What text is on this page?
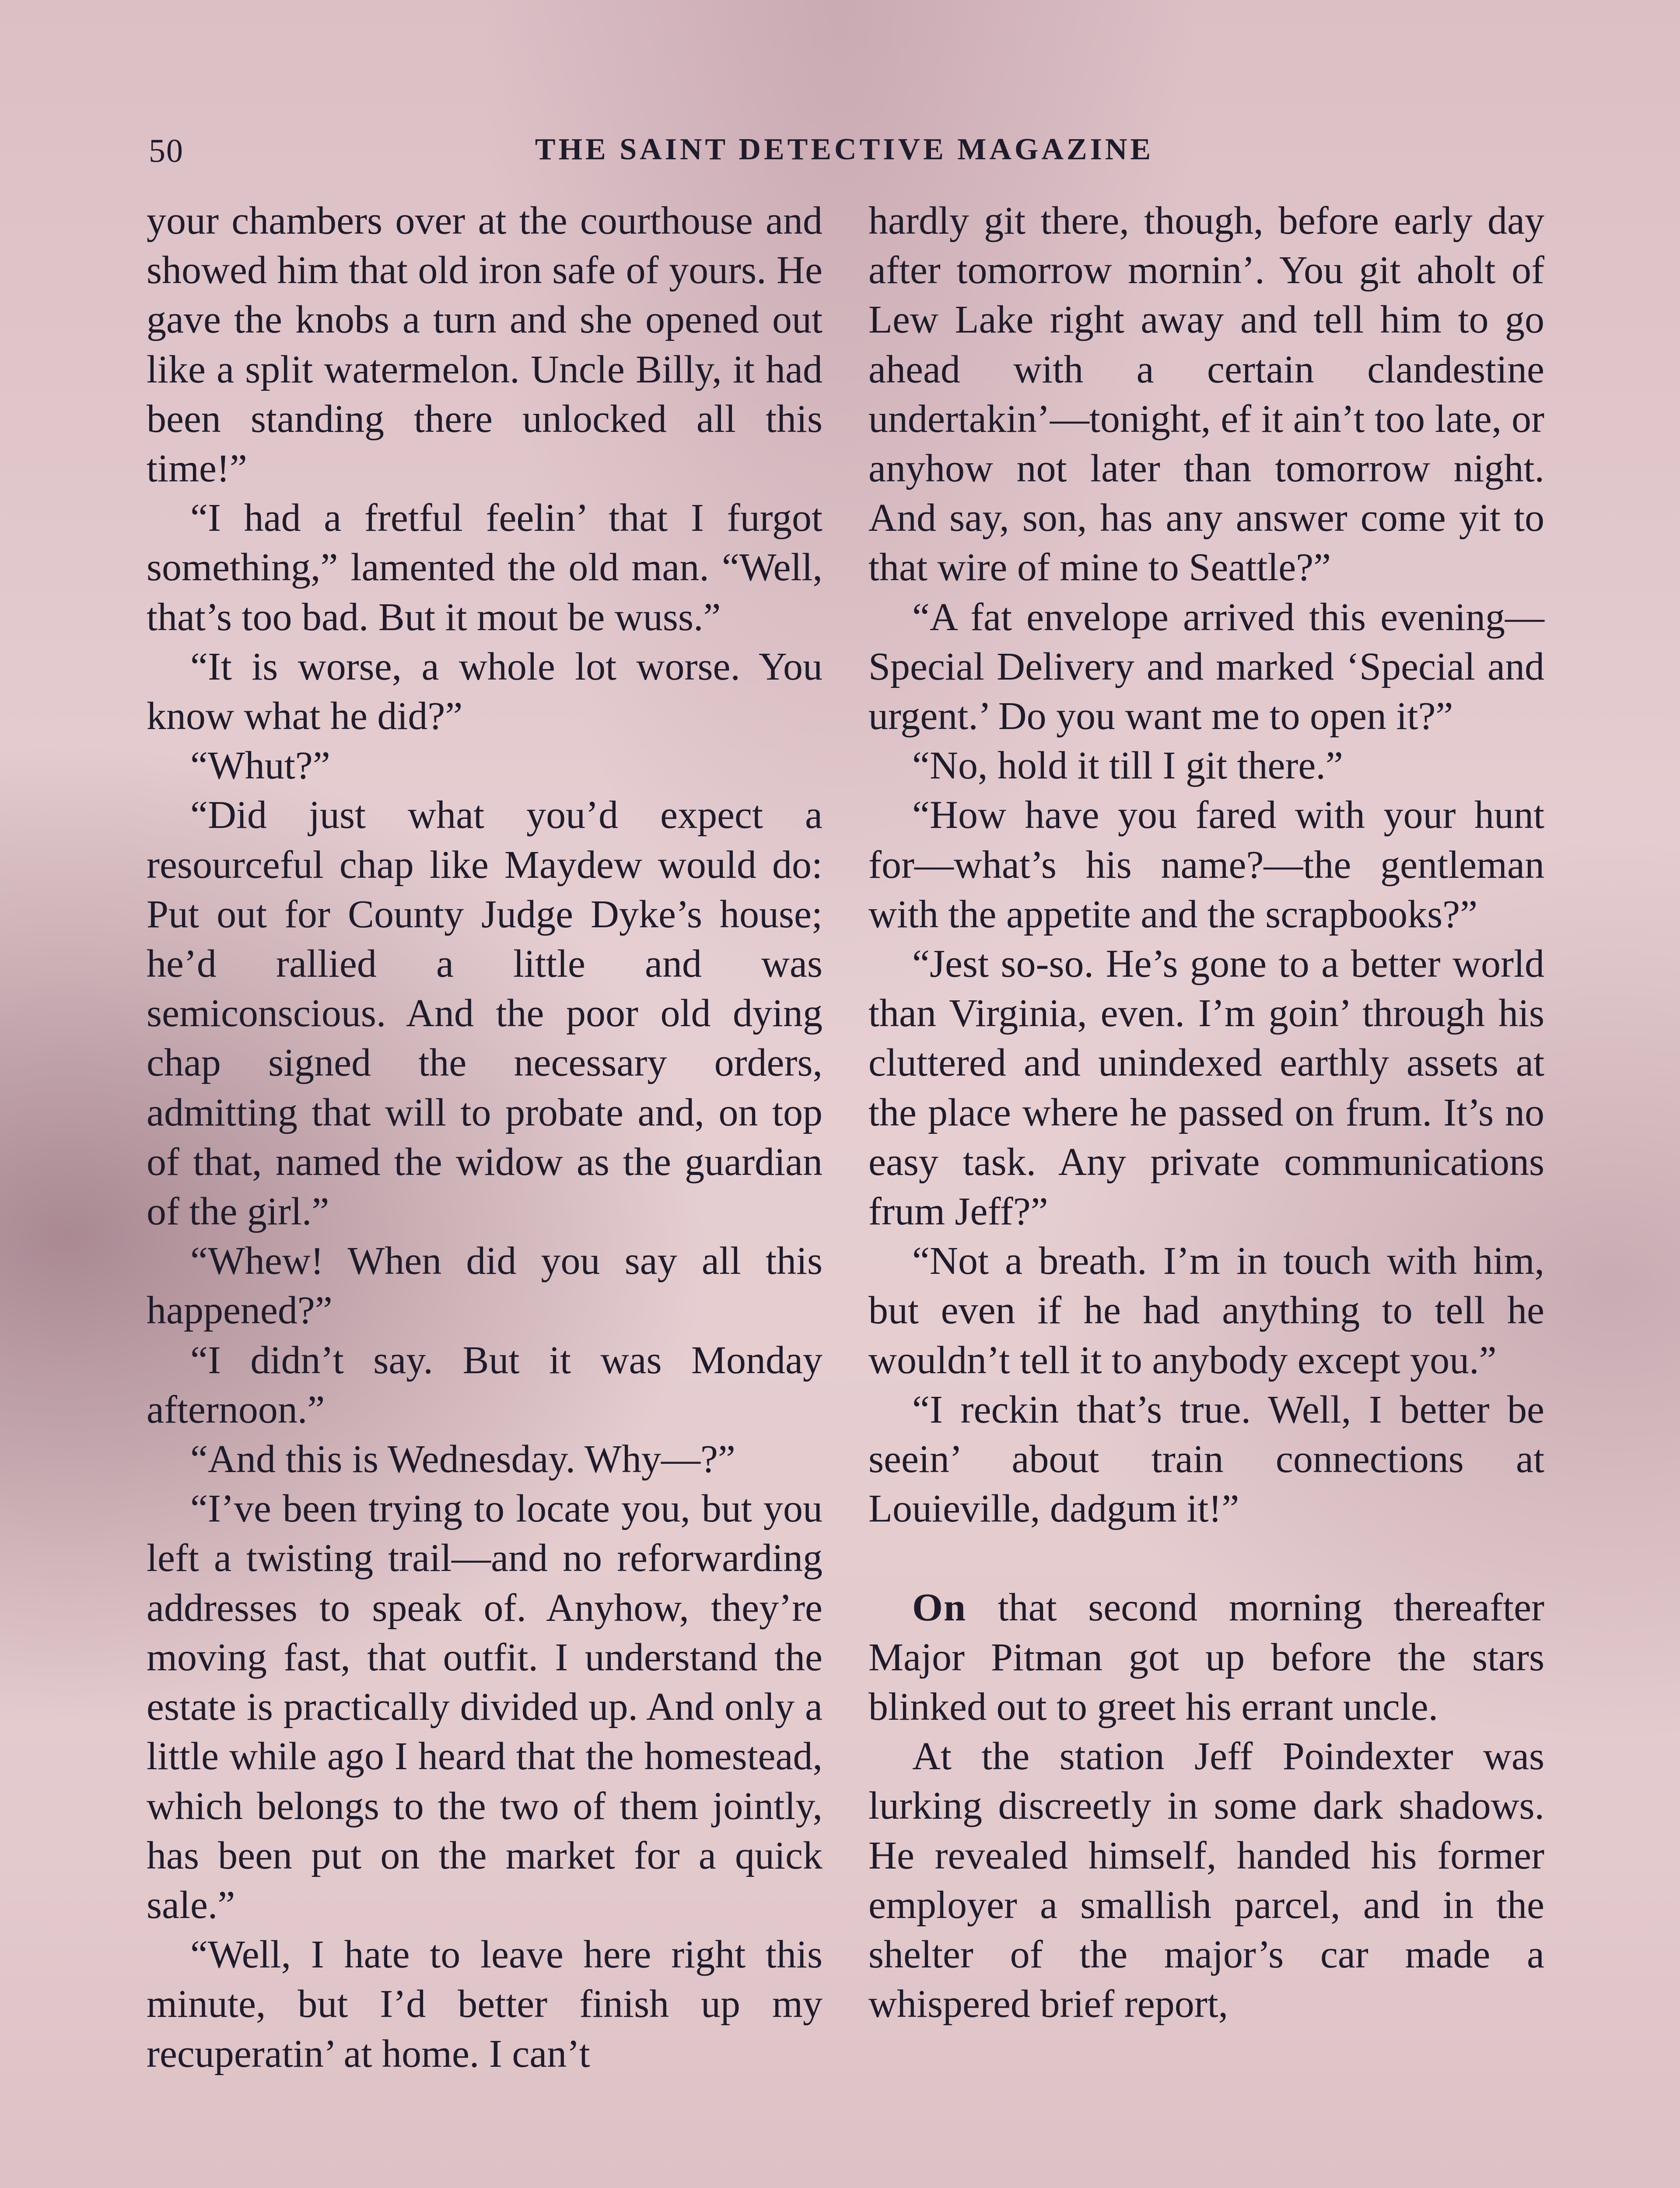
50	THE SAINT DETECTIVE MAGAZINE

your chambers over at the courthouse and showed him that old iron safe of yours. He gave the knobs a turn and she opened out like a split watermelon. Uncle Billy, it had been standing there unlocked all this time!”

“I had a fretful feelin’ that I furgot something,” lamented the old man. “Well, that’s too bad. But it mout be wuss.”

“It is worse, a whole lot worse. You know what he did?”

“Whut?”

“Did just what you’d expect a resourceful chap like Maydew would do: Put out for County Judge Dyke’s house; he’d rallied a little and was semiconscious. And the poor old dying chap signed the necessary orders, admitting that will to probate and, on top of that, named the widow as the guardian of the girl.”

“Whew! When did you say all this happened?”

“I didn’t say. But it was Monday afternoon.”

“And this is Wednesday. Why—?”

“I’ve been trying to locate you, but you left a twisting trail—and no reforwarding addresses to speak of. Anyhow, they’re moving fast, that outfit. I understand the estate is practically divided up. And only a little while ago I heard that the homestead, which belongs to the two of them jointly, has been put on the market for a quick sale.”

“Well, I hate to leave here right this minute, but I’d better finish up my recuperatin’ at home. I can’t

hardly git there, though, before early day after tomorrow mornin’. You git aholt of Lew Lake right away and tell him to go ahead with a certain clandestine undertakin’—tonight, ef it ain’t too late, or anyhow not later than tomorrow night. And say, son, has any answer come yit to that wire of mine to Seattle?”

“A fat envelope arrived this evening—Special Delivery and marked ‘Special and urgent.’ Do you want me to open it?”

“No, hold it till I git there.”

“How have you fared with your hunt for—what’s his name?—the gentleman with the appetite and the scrapbooks?”

“Jest so-so. He’s gone to a better world than Virginia, even. I’m goin’ through his cluttered and unindexed earthly assets at the place where he passed on frum. It’s no easy task. Any private communications frum Jeff?”

“Not a breath. I’m in touch with him, but even if he had anything to tell he wouldn’t tell it to anybody except you.”

“I reckin that’s true. Well, I better be seein’ about train connections at Louieville, dadgum it!”

On that second morning thereafter Major Pitman got up before the stars blinked out to greet his errant uncle.

At the station Jeff Poindexter was lurking discreetly in some dark shadows. He revealed himself, handed his former employer a smallish parcel, and in the shelter of the major’s car made a whispered brief report,
